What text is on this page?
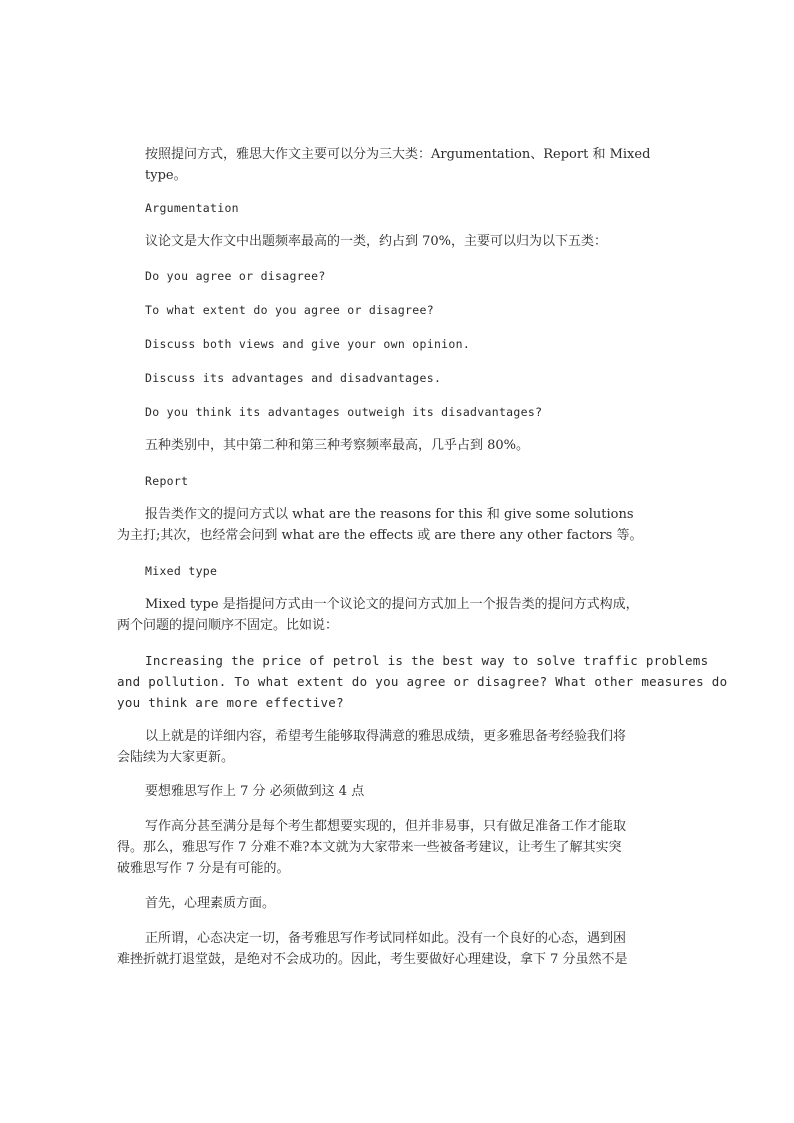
按照提问方式，雅思大作文主要可以分为三大类：Argumentation、Report 和 Mixed type。
Argumentation
议论文是大作文中出题频率最高的一类，约占到 70%，主要可以归为以下五类：
Do you agree or disagree?
To what extent do you agree or disagree?
Discuss both views and give your own opinion.
Discuss its advantages and disadvantages.
Do you think its advantages outweigh its disadvantages?
五种类别中，其中第二种和第三种考察频率最高，几乎占到 80%。
Report
报告类作文的提问方式以 what are the reasons for this 和 give some solutions
为主打;其次，也经常会问到 what are the effects 或 are there any other factors 等。
Mixed type
Mixed type 是指提问方式由一个议论文的提问方式加上一个报告类的提问方式构成，
两个问题的提问顺序不固定。比如说：
Increasing the price of petrol is the best way to solve traffic problems
and pollution. To what extent do you agree or disagree? What other measures do
you think are more effective?
以上就是的详细内容，希望考生能够取得满意的雅思成绩，更多雅思备考经验我们将
会陆续为大家更新。
要想雅思写作上 7 分 必须做到这 4 点
写作高分甚至满分是每个考生都想要实现的，但并非易事，只有做足准备工作才能取
得。那么，雅思写作 7 分难不难?本文就为大家带来一些被备考建议，让考生了解其实突
破雅思写作 7 分是有可能的。
首先，心理素质方面。
正所谓，心态决定一切，备考雅思写作考试同样如此。没有一个良好的心态，遇到困
难挫折就打退堂鼓，是绝对不会成功的。因此，考生要做好心理建设，拿下 7 分虽然不是
